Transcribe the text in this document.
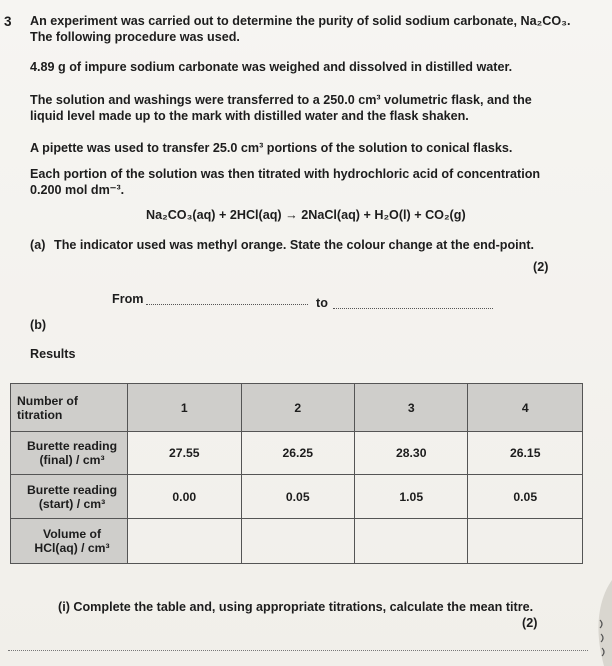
3 An experiment was carried out to determine the purity of solid sodium carbonate, Na₂CO₃.
The following procedure was used.
4.89 g of impure sodium carbonate was weighed and dissolved in distilled water.
The solution and washings were transferred to a 250.0 cm³ volumetric flask, and the
liquid level made up to the mark with distilled water and the flask shaken.
A pipette was used to transfer 25.0 cm³ portions of the solution to conical flasks.
Each portion of the solution was then titrated with hydrochloric acid of concentration
0.200 mol dm⁻³.
Na₂CO₃(aq) + 2HCl(aq) → 2NaCl(aq) + H₂O(l) + CO₂(g)
(a) The indicator used was methyl orange. State the colour change at the end-point.
(2)
From	to
(b)
Results
Number of
titration	1	2	3	4

Burette reading
(final) / cm³	27.55	26.25	28.30	26.15

Burette reading
(start) / cm³	0.00	0.05	1.05	0.05

Volume of
HCl(aq) / cm³				

(i) Complete the table and, using appropriate titrations, calculate the mean titre.
(2)
